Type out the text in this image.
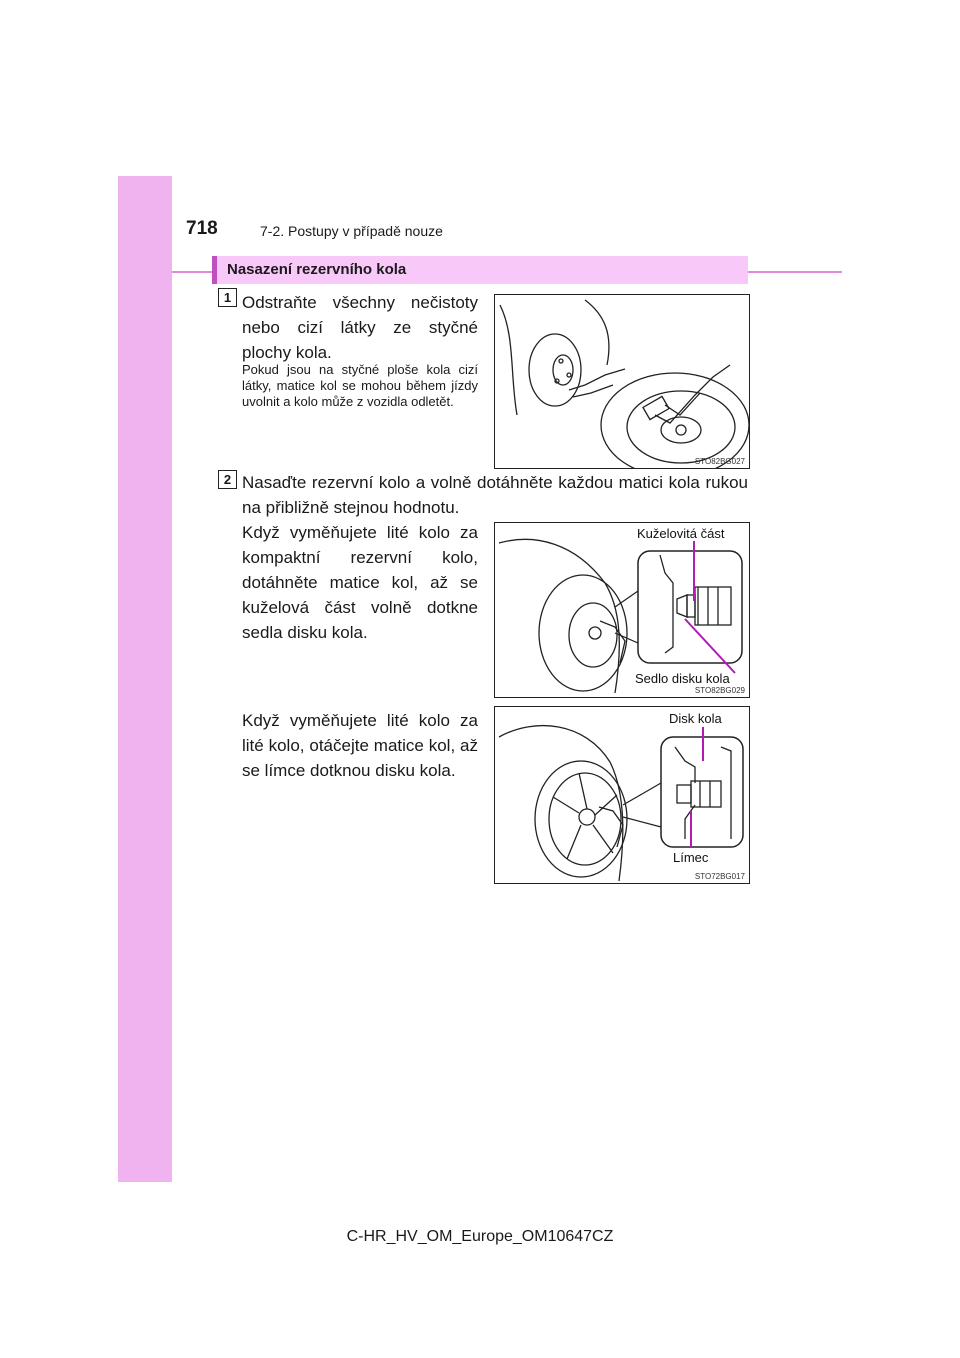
718	7-2. Postupy v případě nouze
Nasazení rezervního kola
1 Odstraňte všechny nečistoty nebo cizí látky ze styčné plochy kola.
Pokud jsou na styčné ploše kola cizí látky, matice kol se mohou během jízdy uvolnit a kolo může z vozidla odletět.
STO82BG027
2 Nasaďte rezervní kolo a volně dotáhněte každou matici kola rukou na přibližně stejnou hodnotu.
Když vyměňujete lité kolo za kompaktní rezervní kolo, dotáhněte matice kol, až se kuželová část volně dotkne sedla disku kola.
Kuželovitá část
Sedlo disku kola
STO82BG029
Když vyměňujete lité kolo za lité kolo, otáčejte matice kol, až se límce dotknou disku kola.
Disk kola
Límec
STO72BG017
C-HR_HV_OM_Europe_OM10647CZ
